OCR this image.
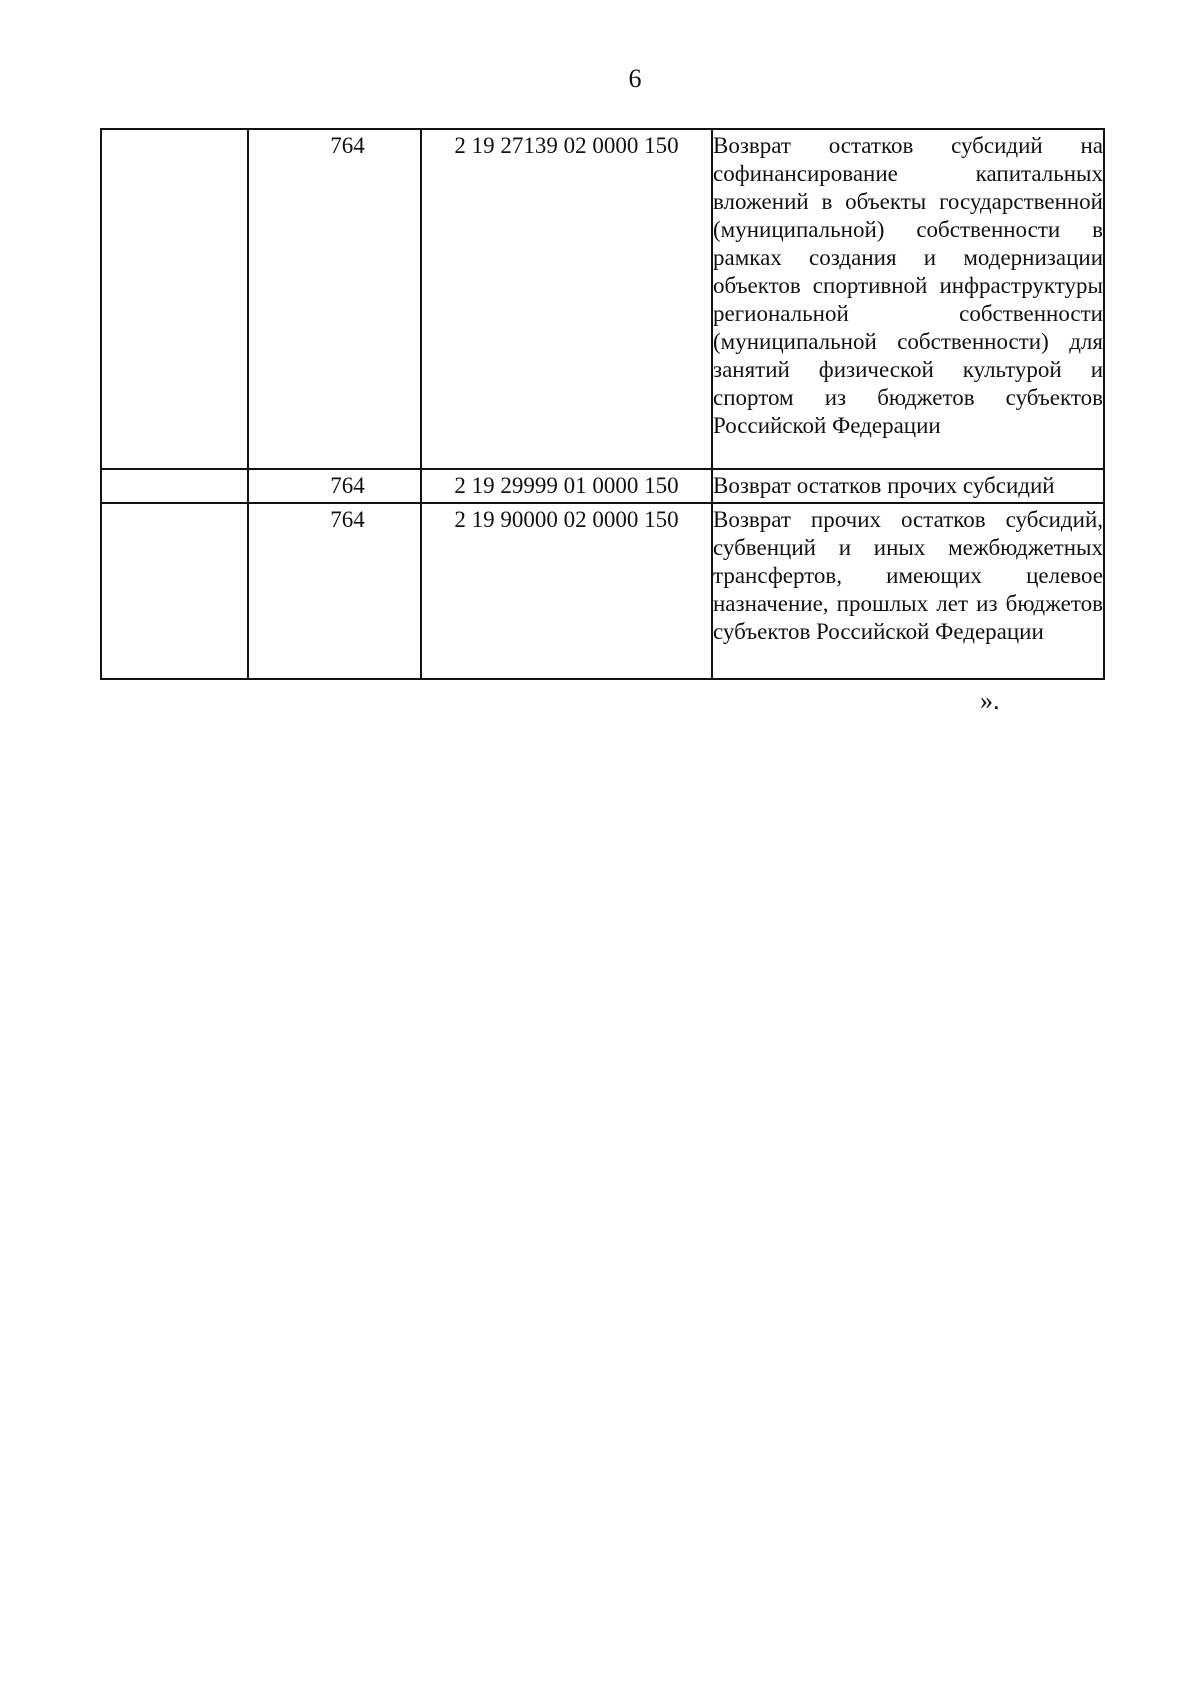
6
	764	2 19 27139 02 0000 150	Возврат остатков субсидий на софинансирование капитальных вложений в объекты государственной (муниципальной) собственности в рамках создания и модернизации объектов спортивной инфраструктуры региональной собственности (муниципальной собственности) для занятий физической культурой и спортом из бюджетов субъектов Российской Федерации

	764	2 19 29999 01 0000 150	Возврат остатков прочих субсидий

	764	2 19 90000 02 0000 150	Возврат прочих остатков субсидий, субвенций и иных межбюджетных трансфертов, имеющих целевое назначение, прошлых лет из бюджетов субъектов Российской Федерации
».
